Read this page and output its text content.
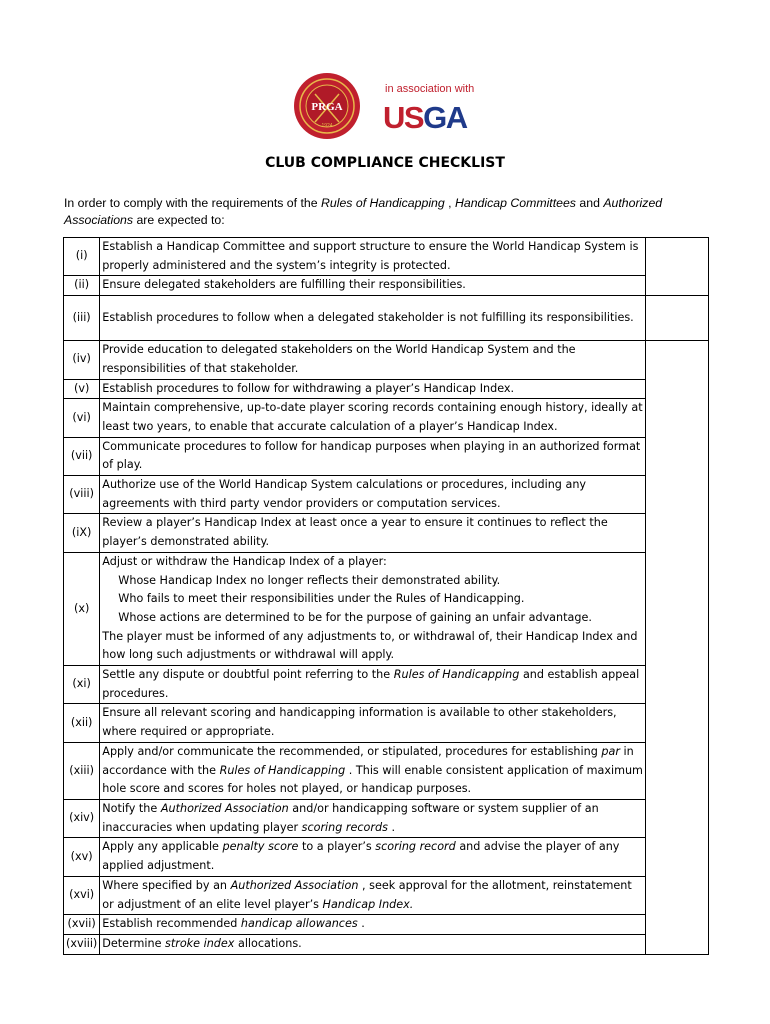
PRGA
1924
in association with
USGA
CLUB COMPLIANCE CHECKLIST
In order to comply with the requirements of the Rules of Handicapping , Handicap Committees and Authorized Associations are expected to:
(i)	Establish a Handicap Committee and support structure to ensure the World Handicap System is properly administered and the system’s integrity is protected.	
(ii)	Ensure delegated stakeholders are fulfilling their responsibilities.	
(iii)	Establish procedures to follow when a delegated stakeholder is not fulfilling its responsibilities.	
(iv)	Provide education to delegated stakeholders on the World Handicap System and the responsibilities of that stakeholder.	
(v)	Establish procedures to follow for withdrawing a player’s Handicap Index.	
(vi)	Maintain comprehensive, up-to-date player scoring records containing enough history, ideally at least two years, to enable that accurate calculation of a player’s Handicap Index.	
(vii)	Communicate procedures to follow for handicap purposes when playing in an authorized format of play.	
(viii)	Authorize use of the World Handicap System calculations or procedures, including any agreements with third party vendor providers or computation services.	
(iX)	Review a player’s Handicap Index at least once a year to ensure it continues to reflect the player’s demonstrated ability.	
(x)	Adjust or withdraw the Handicap Index of a player:
Whose Handicap Index no longer reflects their demonstrated ability.
Who fails to meet their responsibilities under the Rules of Handicapping.
Whose actions are determined to be for the purpose of gaining an unfair advantage.
The player must be informed of any adjustments to, or withdrawal of, their Handicap Index and how long such adjustments or withdrawal will apply.	

(xi)	Settle any dispute or doubtful point referring to the Rules of Handicapping and establish appeal procedures.	
(xii)	Ensure all relevant scoring and handicapping information is available to other stakeholders, where required or appropriate.	
(xiii)	Apply and/or communicate the recommended, or stipulated, procedures for establishing par in accordance with the Rules of Handicapping . This will enable consistent application of maximum hole score and scores for holes not played, or handicap purposes.	
(xiv)	Notify the Authorized Association and/or handicapping software or system supplier of an inaccuracies when updating player scoring records .	
(xv)	Apply any applicable penalty score to a player’s scoring record and advise the player of any applied adjustment.	
(xvi)	Where specified by an Authorized Association , seek approval for the allotment, reinstatement or adjustment of an elite level player’s Handicap Index.	
(xvii)	Establish recommended handicap allowances .	
(xviii)	Determine stroke index allocations.	
